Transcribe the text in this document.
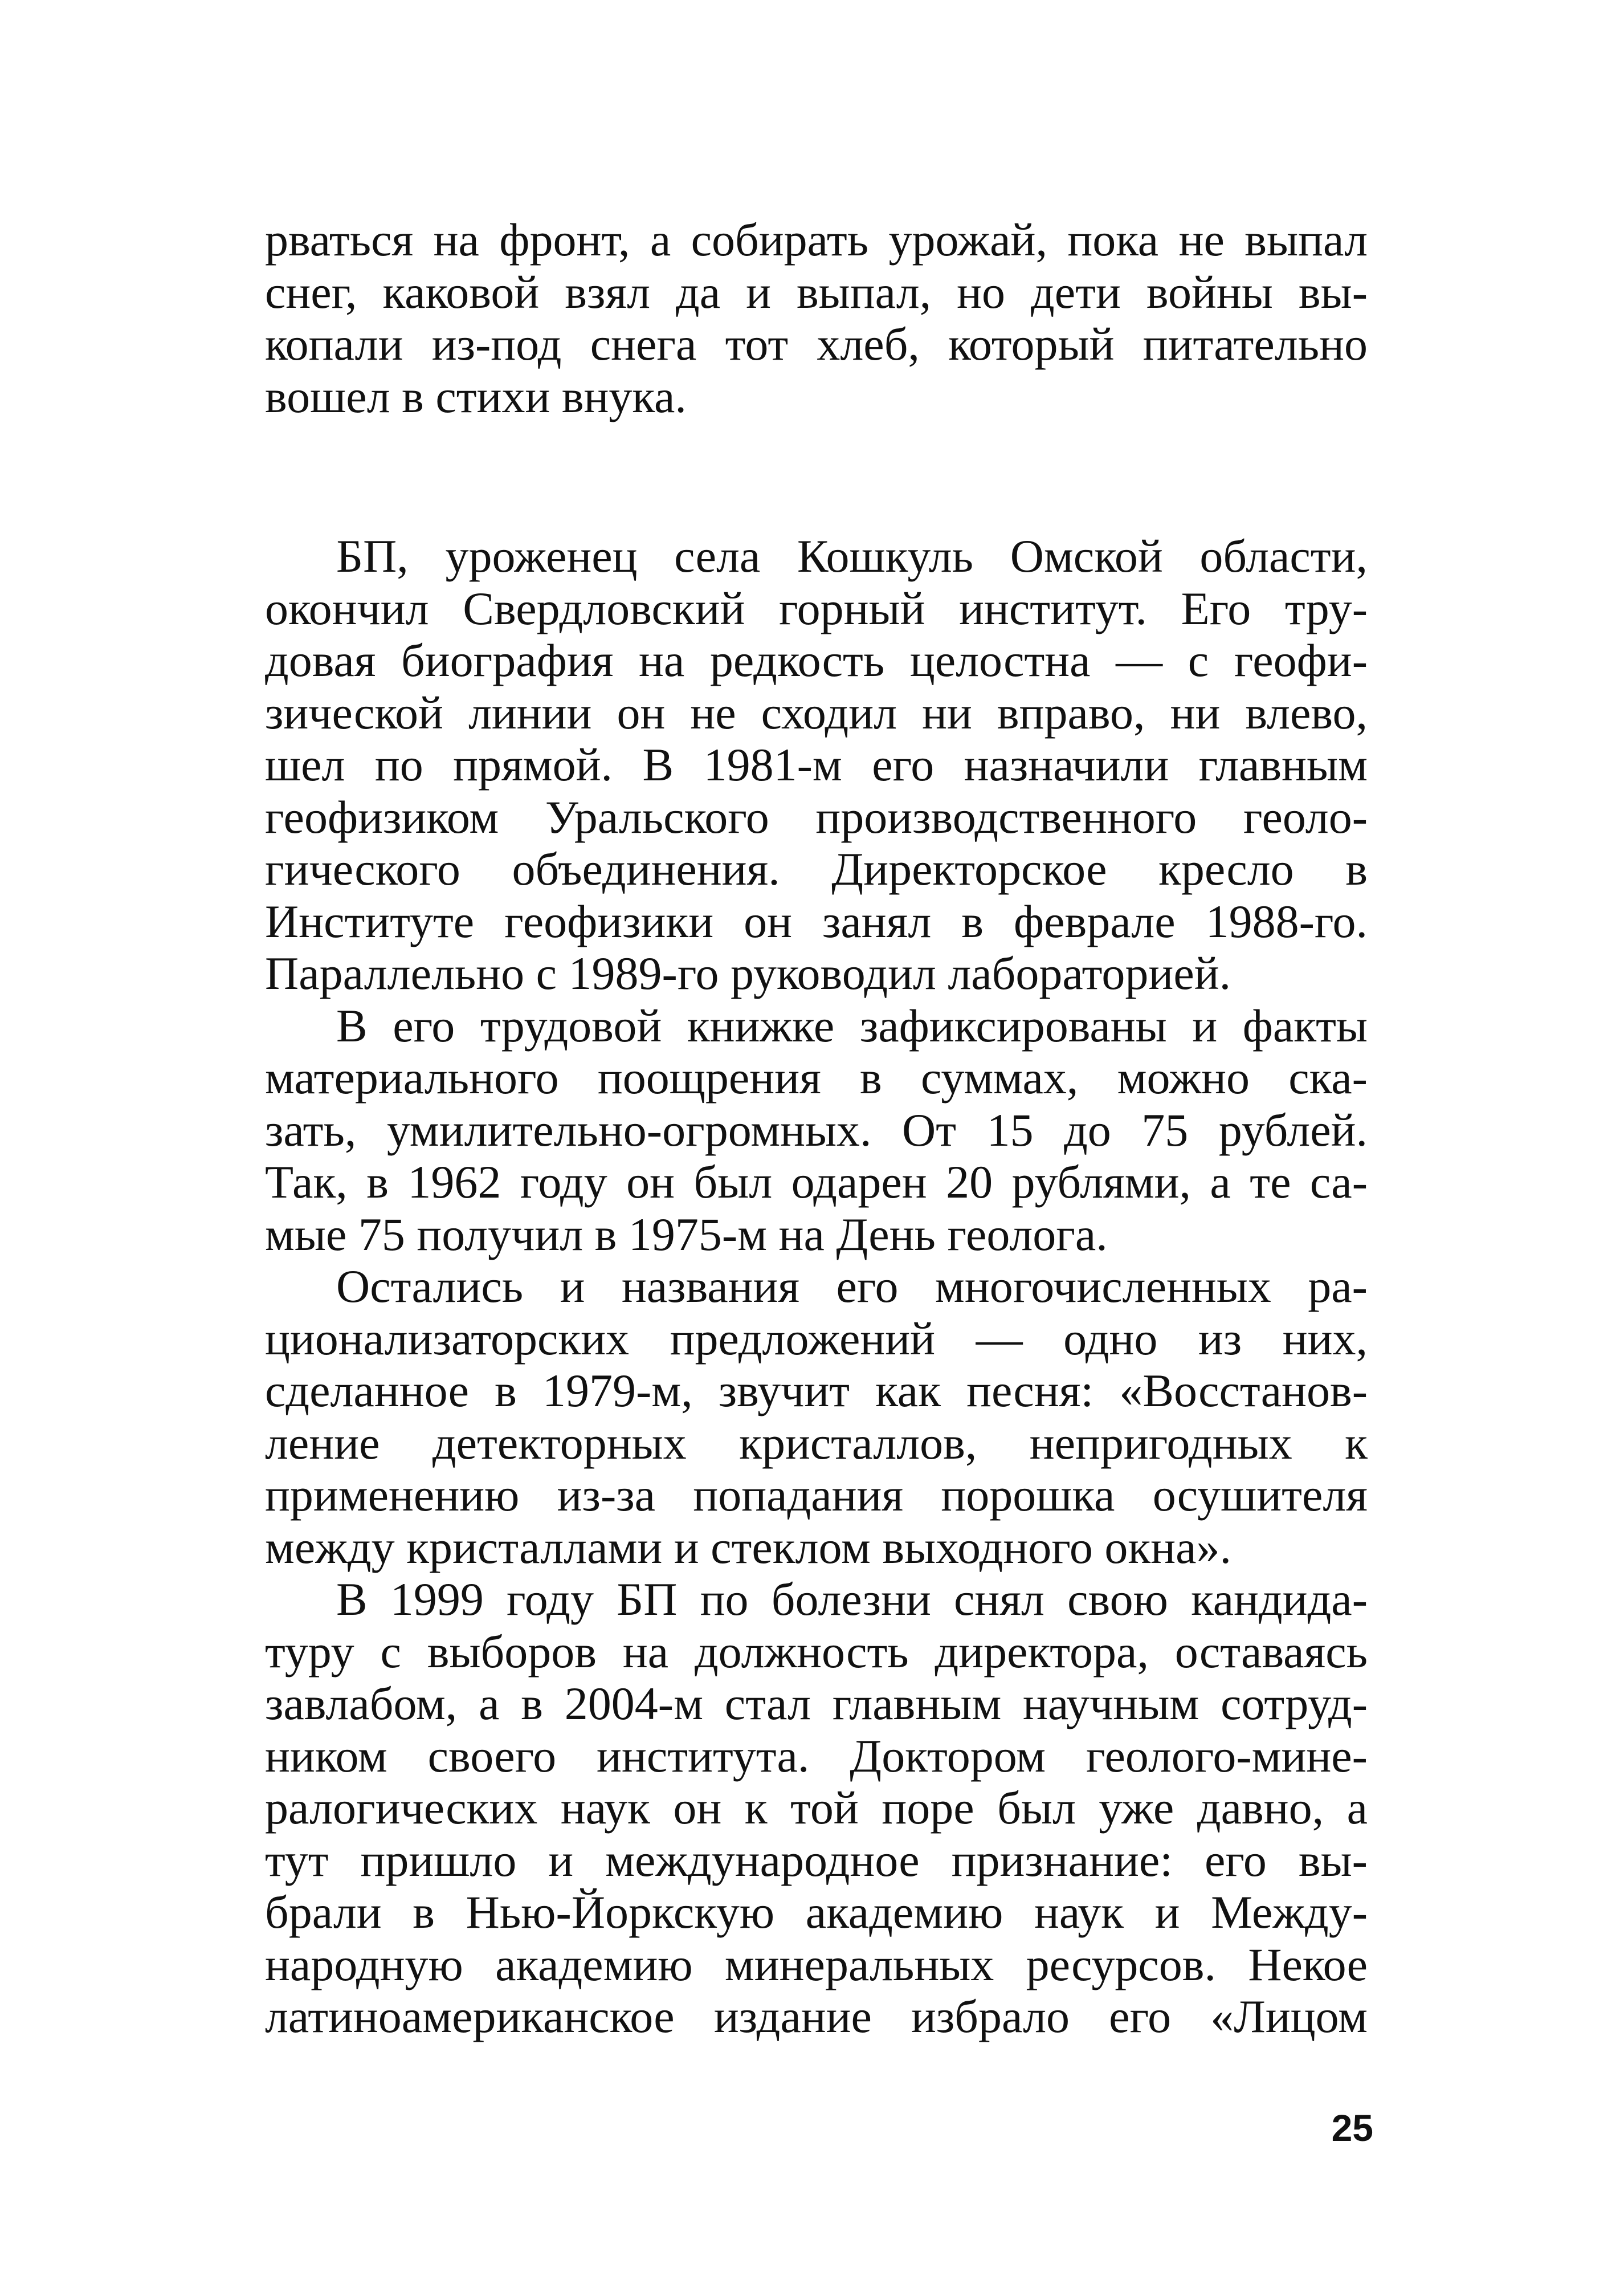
рваться на фронт, а собирать урожай, пока не выпал
снег, каковой взял да и выпал, но дети войны вы-
копали из-под снега тот хлеб, который питательно
вошел в стихи внука.

БП, уроженец села Кошкуль Омской области,
окончил Свердловский горный институт. Его тру-
довая биография на редкость целостна — с геофи-
зической линии он не сходил ни вправо, ни влево,
шел по прямой. В 1981-м его назначили главным
геофизиком Уральского производственного геоло-
гического объединения. Директорское кресло в
Институте геофизики он занял в феврале 1988-го.
Параллельно с 1989-го руководил лабораторией.

В его трудовой книжке зафиксированы и факты
материального поощрения в суммах, можно ска-
зать, умилительно-огромных. От 15 до 75 рублей.
Так, в 1962 году он был одарен 20 рублями, а те са-
мые 75 получил в 1975-м на День геолога.

Остались и названия его многочисленных ра-
ционализаторских предложений — одно из них,
сделанное в 1979-м, звучит как песня: «Восстанов-
ление детекторных кристаллов, непригодных к
применению из-за попадания порошка осушителя
между кристаллами и стеклом выходного окна».

В 1999 году БП по болезни снял свою кандида-
туру с выборов на должность директора, оставаясь
завлабом, а в 2004-м стал главным научным сотруд-
ником своего института. Доктором геолого-мине-
ралогических наук он к той поре был уже давно, а
тут пришло и международное признание: его вы-
брали в Нью-Йоркскую академию наук и Между-
народную академию минеральных ресурсов. Некое
латиноамериканское издание избрало его «Лицом

25
